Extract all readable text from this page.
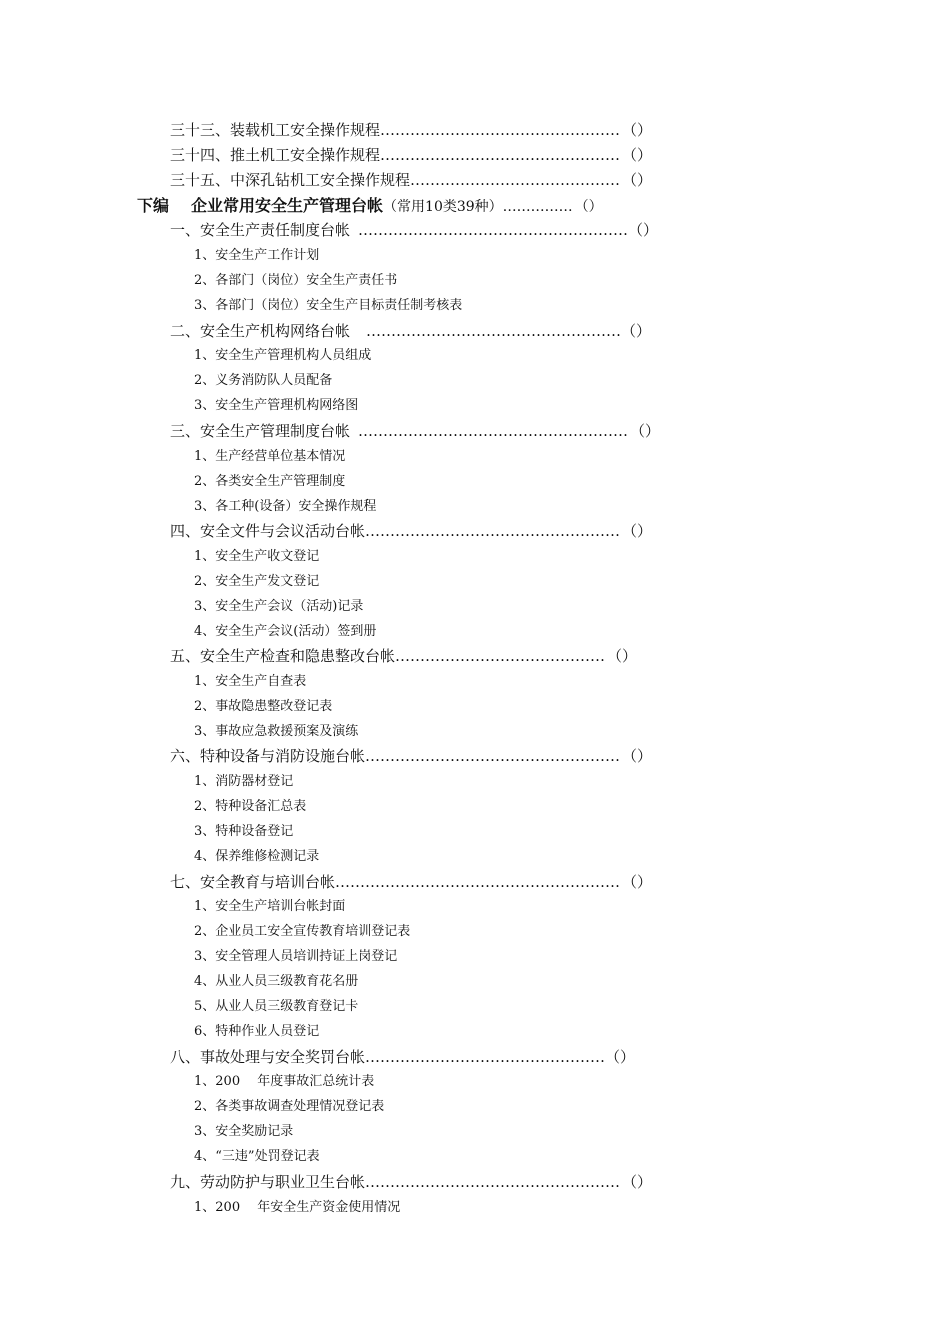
三十三、装载机工安全操作规程………………………………………… （）
三十四、推土机工安全操作规程………………………………………… （）
三十五、中深孔钻机工安全操作规程…………………………………… （）
下编 企业常用安全生产管理台帐（常用10类39种）…………… （）
一、安全生产责任制度台帐 ………………………………………………（）
1、安全生产工作计划
2、各部门（岗位）安全生产责任书
3、各部门（岗位）安全生产目标责任制考核表
二、安全生产机构网络台帐 ……………………………………………（）
1、安全生产管理机构人员组成
2、义务消防队人员配备
3、安全生产管理机构网络图
三、安全生产管理制度台帐 ……………………………………………… （）
1、生产经营单位基本情况
2、各类安全生产管理制度
3、各工种(设备）安全操作规程
四、安全文件与会议活动台帐…………………………………………… （）
1、安全生产收文登记
2、安全生产发文登记
3、安全生产会议（活动)记录
4、安全生产会议(活动）签到册
五、安全生产检查和隐患整改台帐…………………………………… （）
1、安全生产自查表
2、事故隐患整改登记表
3、事故应急救援预案及演练
六、特种设备与消防设施台帐…………………………………………… （）
1、消防器材登记
2、特种设备汇总表
3、特种设备登记
4、保养维修检测记录
七、安全教育与培训台帐………………………………………………… （）
1、安全生产培训台帐封面
2、企业员工安全宣传教育培训登记表
3、安全管理人员培训持证上岗登记
4、从业人员三级教育花名册
5、从业人员三级教育登记卡
6、特种作业人员登记
八、事故处理与安全奖罚台帐…………………………………………（）
1、200　 年度事故汇总统计表
2、各类事故调查处理情况登记表
3、安全奖励记录
4、“三违”处罚登记表
九、劳动防护与职业卫生台帐…………………………………………… （）
1、200　 年安全生产资金使用情况
